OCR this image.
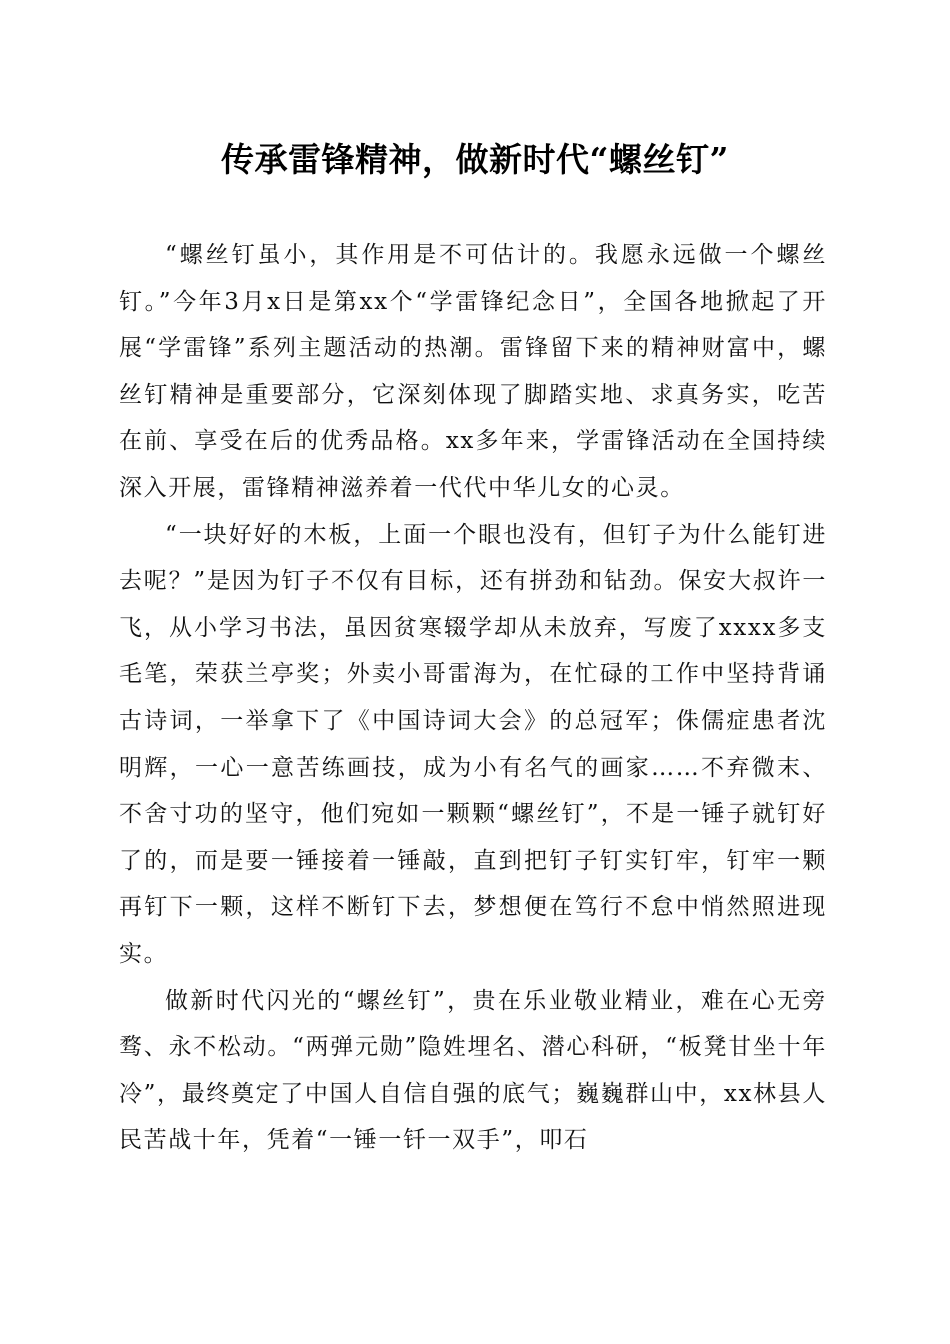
传承雷锋精神，做新时代“螺丝钉”

“螺丝钉虽小，其作用是不可估计的。我愿永远做一个螺丝钉。”今年3月x日是第xx个“学雷锋纪念日”，全国各地掀起了开展“学雷锋”系列主题活动的热潮。雷锋留下来的精神财富中，螺丝钉精神是重要部分，它深刻体现了脚踏实地、求真务实，吃苦在前、享受在后的优秀品格。xx多年来，学雷锋活动在全国持续深入开展，雷锋精神滋养着一代代中华儿女的心灵。

“一块好好的木板，上面一个眼也没有，但钉子为什么能钉进去呢？”是因为钉子不仅有目标，还有拼劲和钻劲。保安大叔许一飞，从小学习书法，虽因贫寒辍学却从未放弃，写废了xxxx多支毛笔，荣获兰亭奖；外卖小哥雷海为，在忙碌的工作中坚持背诵古诗词，一举拿下了《中国诗词大会》的总冠军；侏儒症患者沈明辉，一心一意苦练画技，成为小有名气的画家……不弃微末、不舍寸功的坚守，他们宛如一颗颗“螺丝钉”，不是一锤子就钉好了的，而是要一锤接着一锤敲，直到把钉子钉实钉牢，钉牢一颗再钉下一颗，这样不断钉下去，梦想便在笃行不怠中悄然照进现实。

做新时代闪光的“螺丝钉”，贵在乐业敬业精业，难在心无旁骛、永不松动。“两弹元勋”隐姓埋名、潜心科研，“板凳甘坐十年冷”，最终奠定了中国人自信自强的底气；巍巍群山中，xx林县人民苦战十年，凭着“一锤一钎一双手”，叩石
